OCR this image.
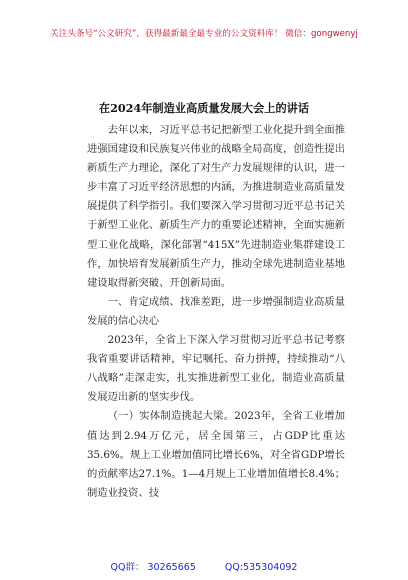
关注头条号“公文研究”，获得最新最全最专业的公文资料库！ 微信：gongwenyj
在2024年制造业高质量发展大会上的讲话

去年以来，习近平总书记把新型工业化提升到全面推进强国建设和民族复兴伟业的战略全局高度，创造性提出新质生产力理论，深化了对生产力发展规律的认识，进一步丰富了习近平经济思想的内涵，为推进制造业高质量发展提供了科学指引。我们要深入学习贯彻习近平总书记关于新型工业化、新质生产力的重要论述精神，全面实施新型工业化战略，深化部署“415X”先进制造业集群建设工作，加快培育发展新质生产力，推动全球先进制造业基地建设取得新突破、开创新局面。

一、肯定成绩、找准差距，进一步增强制造业高质量发展的信心决心

2023年，全省上下深入学习贯彻习近平总书记考察我省重要讲话精神，牢记嘱托、奋力拼搏，持续推动“八八战略”走深走实，扎实推进新型工业化，制造业高质量发展迈出新的坚实步伐。

（一）实体制造挑起大梁。2023年，全省工业增加值达到2.94万亿元，居全国第三，占GDP比重达35.6%。规上工业增加值同比增长6%，对全省GDP增长的贡献率达27.1%。1—4月规上工业增加值增长8.4%；制造业投资、技

QQ群： 30265665	QQ:535304092
